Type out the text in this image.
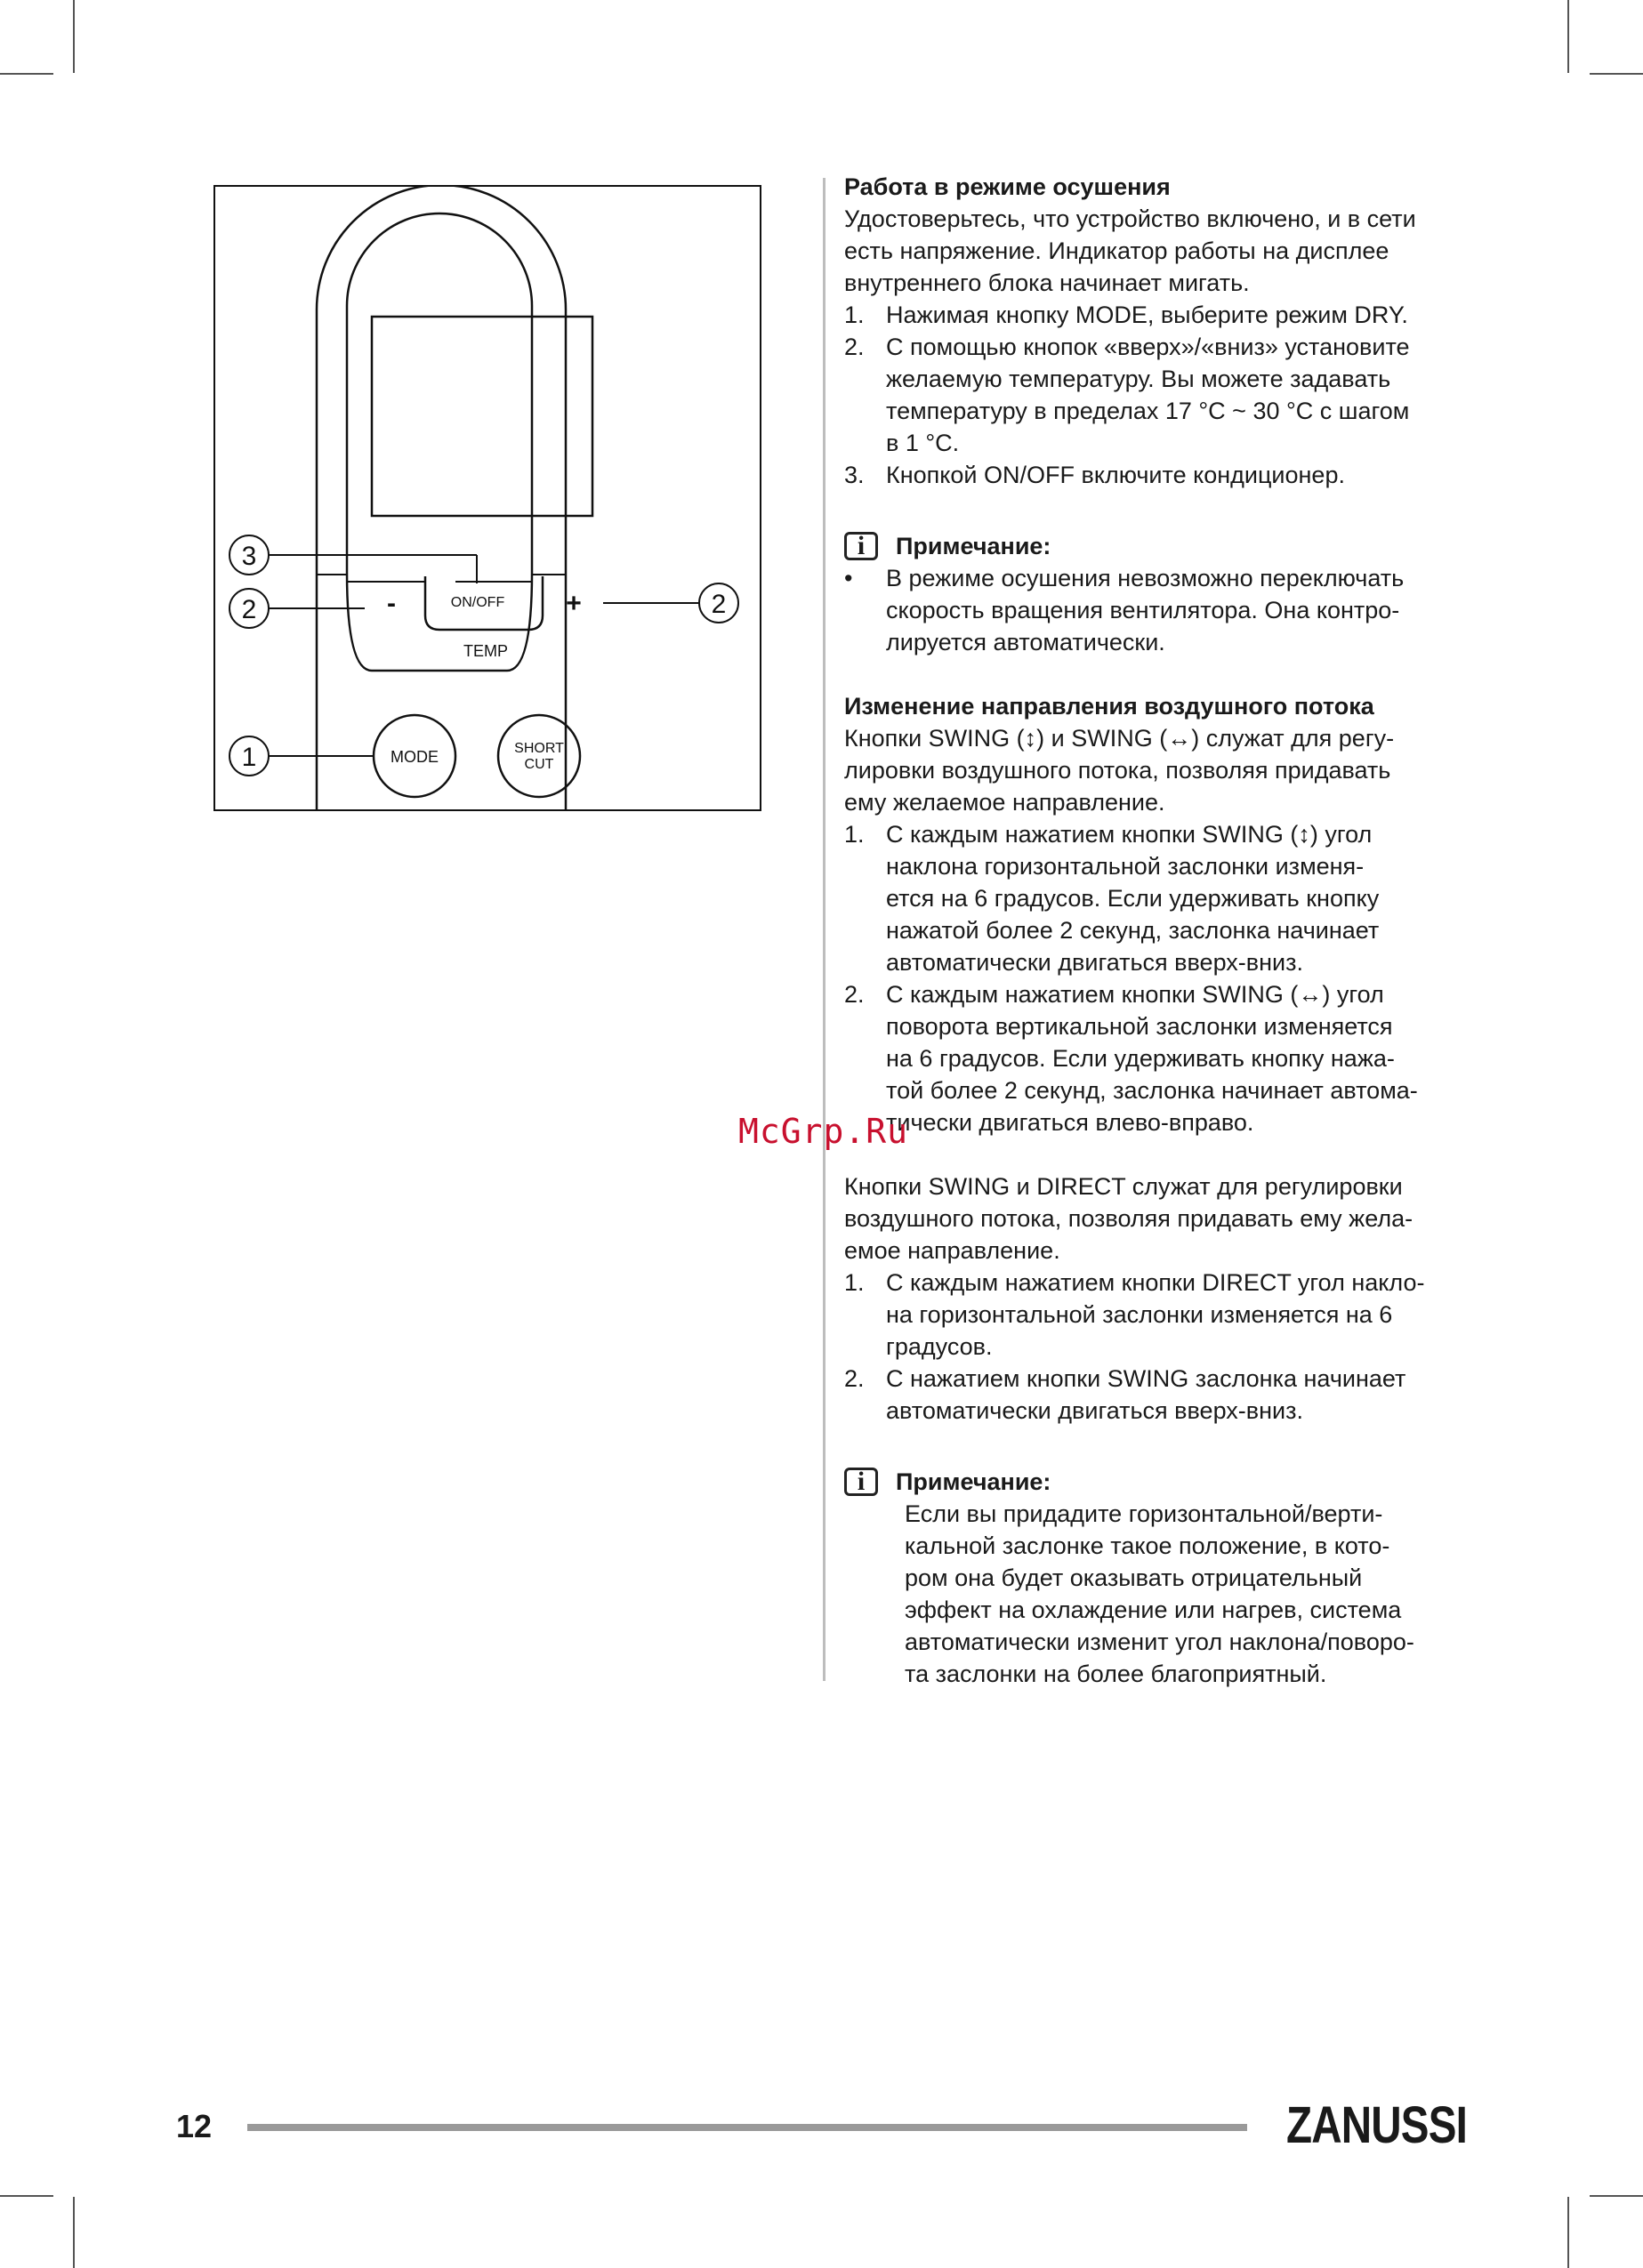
ON/OFF
-	+
TEMP
MODE	SHORT
CUT
3
2	2
1
Работа в режиме осушения
Удостоверьтесь, что устройство включено, и в сети
есть напряжение. Индикатор работы на дисплее
внутреннего блока начинает мигать.
1. Нажимая кнопку MODE, выберите режим DRY.
2. С помощью кнопок «вверх»/«вниз» установите
желаемую температуру. Вы можете задавать
температуру в пределах 17 °C ~ 30 °C с шагом
в 1 °C.
3. Кнопкой ON/OFF включите кондиционер.
i	Примечание:
• В режиме осушения невозможно переключать
скорость вращения вентилятора. Она контро-
лируется автоматически.
Изменение направления воздушного потока
Кнопки SWING (↕) и SWING (↔) служат для регу-
лировки воздушного потока, позволяя придавать
ему желаемое направление.
1. С каждым нажатием кнопки SWING (↕) угол
наклона горизонтальной заслонки изменя-
ется на 6 градусов. Если удерживать кнопку
нажатой более 2 секунд, заслонка начинает
автоматически двигаться вверх-вниз.
2. С каждым нажатием кнопки SWING (↔) угол
поворота вертикальной заслонки изменяется
на 6 градусов. Если удерживать кнопку нажа-
той более 2 секунд, заслонка начинает автома-
тически двигаться влево-вправо.
Кнопки SWING и DIRECT служат для регулировки
воздушного потока, позволяя придавать ему жела-
емое направление.
1. С каждым нажатием кнопки DIRECT угол накло-
на горизонтальной заслонки изменяется на 6
градусов.
2. С нажатием кнопки SWING заслонка начинает
автоматически двигаться вверх-вниз.
i	Примечание:
Если вы придадите горизонтальной/верти-
кальной заслонке такое положение, в кото-
ром она будет оказывать отрицательный
эффект на охлаждение или нагрев, система
автоматически изменит угол наклона/поворо-
та заслонки на более благоприятный.
McGrp.Ru
12	ZANUSSI
